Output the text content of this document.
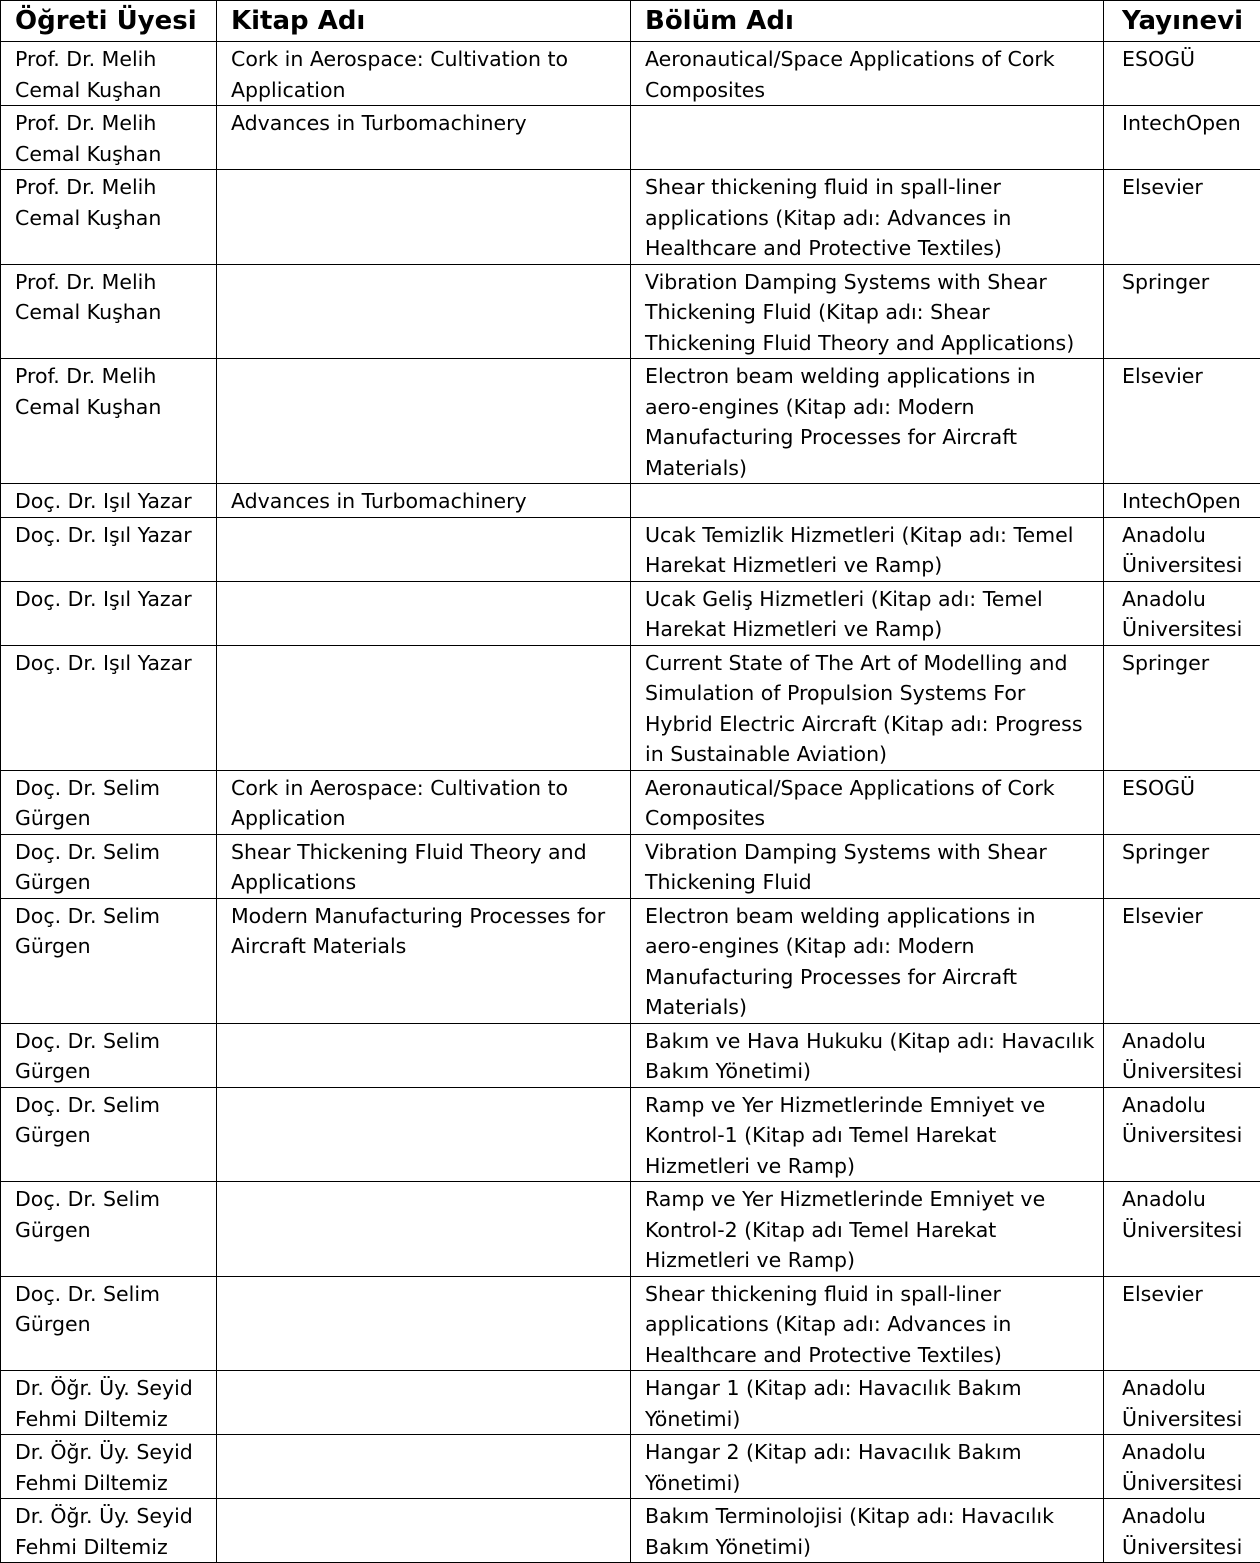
Öğreti Üyesi	Kitap Adı	Bölüm Adı	Yayınevi
Prof. Dr. Melih Cemal Kuşhan	Cork in Aerospace: Cultivation to Application	Aeronautical/Space Applications of Cork Composites	ESOGÜ
Prof. Dr. Melih Cemal Kuşhan	Advances in Turbomachinery		IntechOpen
Prof. Dr. Melih Cemal Kuşhan		Shear thickening fluid in spall-liner applications (Kitap adı: Advances in Healthcare and Protective Textiles)	Elsevier
Prof. Dr. Melih Cemal Kuşhan		Vibration Damping Systems with Shear Thickening Fluid (Kitap adı: Shear Thickening Fluid Theory and Applications)	Springer
Prof. Dr. Melih Cemal Kuşhan		Electron beam welding applications in aero-engines (Kitap adı: Modern Manufacturing Processes for Aircraft Materials)	Elsevier
Doç. Dr. Işıl Yazar	Advances in Turbomachinery		IntechOpen
Doç. Dr. Işıl Yazar		Ucak Temizlik Hizmetleri (Kitap adı: Temel Harekat Hizmetleri ve Ramp)	Anadolu Üniversitesi
Doç. Dr. Işıl Yazar		Ucak Geliş Hizmetleri (Kitap adı: Temel Harekat Hizmetleri ve Ramp)	Anadolu Üniversitesi
Doç. Dr. Işıl Yazar		Current State of The Art of Modelling and Simulation of Propulsion Systems For Hybrid Electric Aircraft (Kitap adı: Progress in Sustainable Aviation)	Springer
Doç. Dr. Selim Gürgen	Cork in Aerospace: Cultivation to Application	Aeronautical/Space Applications of Cork Composites	ESOGÜ
Doç. Dr. Selim Gürgen	Shear Thickening Fluid Theory and Applications	Vibration Damping Systems with Shear Thickening Fluid	Springer
Doç. Dr. Selim Gürgen	Modern Manufacturing Processes for Aircraft Materials	Electron beam welding applications in aero-engines (Kitap adı: Modern Manufacturing Processes for Aircraft Materials)	Elsevier
Doç. Dr. Selim Gürgen		Bakım ve Hava Hukuku (Kitap adı: Havacılık Bakım Yönetimi)	Anadolu Üniversitesi
Doç. Dr. Selim Gürgen		Ramp ve Yer Hizmetlerinde Emniyet ve Kontrol-1 (Kitap adı Temel Harekat Hizmetleri ve Ramp)	Anadolu Üniversitesi
Doç. Dr. Selim Gürgen		Ramp ve Yer Hizmetlerinde Emniyet ve Kontrol-2 (Kitap adı Temel Harekat Hizmetleri ve Ramp)	Anadolu Üniversitesi
Doç. Dr. Selim Gürgen		Shear thickening fluid in spall-liner applications (Kitap adı: Advances in Healthcare and Protective Textiles)	Elsevier
Dr. Öğr. Üy. Seyid Fehmi Diltemiz		Hangar 1 (Kitap adı: Havacılık Bakım Yönetimi)	Anadolu Üniversitesi
Dr. Öğr. Üy. Seyid Fehmi Diltemiz		Hangar 2 (Kitap adı: Havacılık Bakım Yönetimi)	Anadolu Üniversitesi
Dr. Öğr. Üy. Seyid Fehmi Diltemiz		Bakım Terminolojisi (Kitap adı: Havacılık Bakım Yönetimi)	Anadolu Üniversitesi
